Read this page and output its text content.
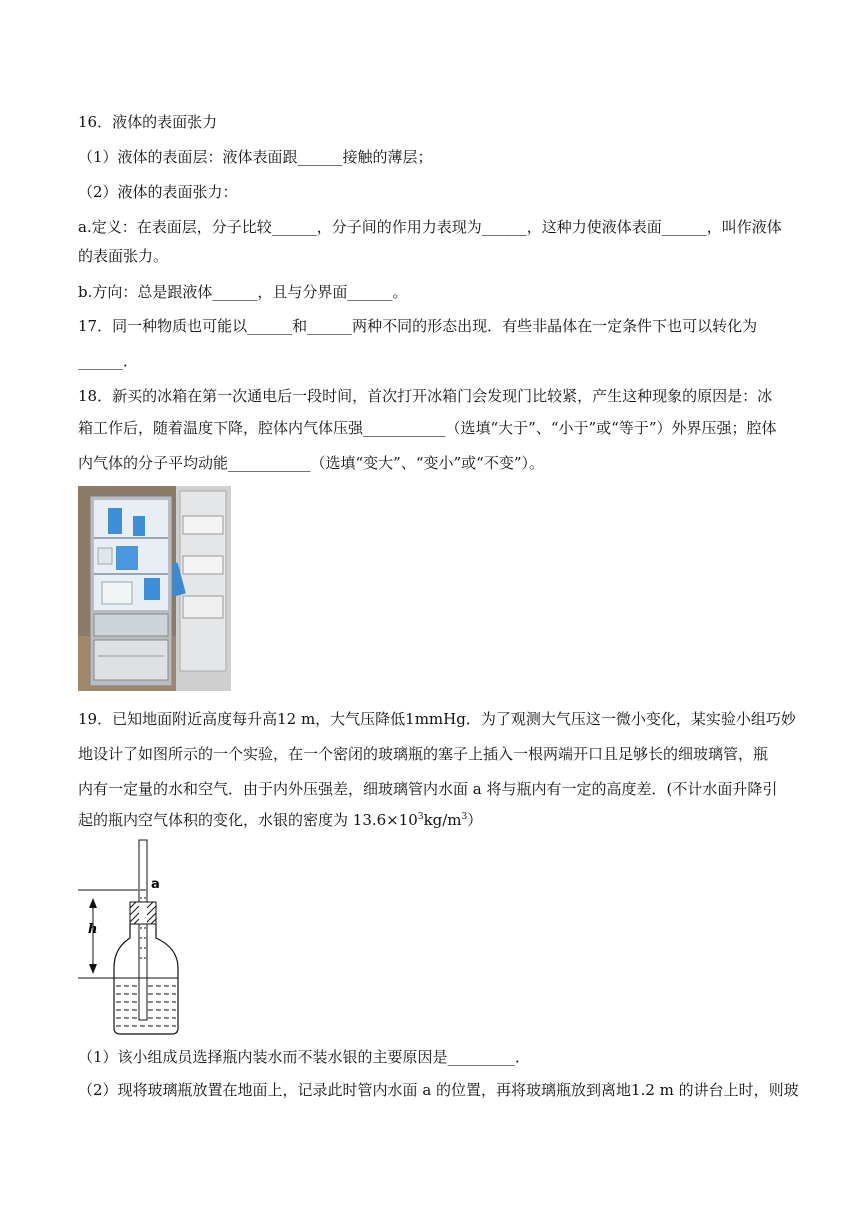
16．液体的表面张力
（1）液体的表面层：液体表面跟______接触的薄层；
（2）液体的表面张力：
a.定义：在表面层，分子比较______，分子间的作用力表现为______，这种力使液体表面______，叫作液体
的表面张力。
b.方向：总是跟液体______，且与分界面______。
17．同一种物质也可能以______和______两种不同的形态出现．有些非晶体在一定条件下也可以转化为
______．
18．新买的冰箱在第一次通电后一段时间，首次打开冰箱门会发现门比较紧，产生这种现象的原因是：冰
箱工作后，随着温度下降，腔体内气体压强___________（选填“大于”、“小于”或“等于”）外界压强；腔体
内气体的分子平均动能___________（选填“变大”、“变小”或“不变”）。
19．已知地面附近高度每升高12 m，大气压降低1mmHg．为了观测大气压这一微小变化，某实验小组巧妙
地设计了如图所示的一个实验，在一个密闭的玻璃瓶的塞子上插入一根两端开口且足够长的细玻璃管，瓶
内有一定量的水和空气．由于内外压强差，细玻璃管内水面 a 将与瓶内有一定的高度差．(不计水面升降引
起的瓶内空气体积的变化，水银的密度为 $13.6\times 10^3kg/m^3$）
h
a
（1）该小组成员选择瓶内装水而不装水银的主要原因是_________．
（2）现将玻璃瓶放置在地面上，记录此时管内水面 a 的位置，再将玻璃瓶放到离地1.2 m 的讲台上时，则玻
